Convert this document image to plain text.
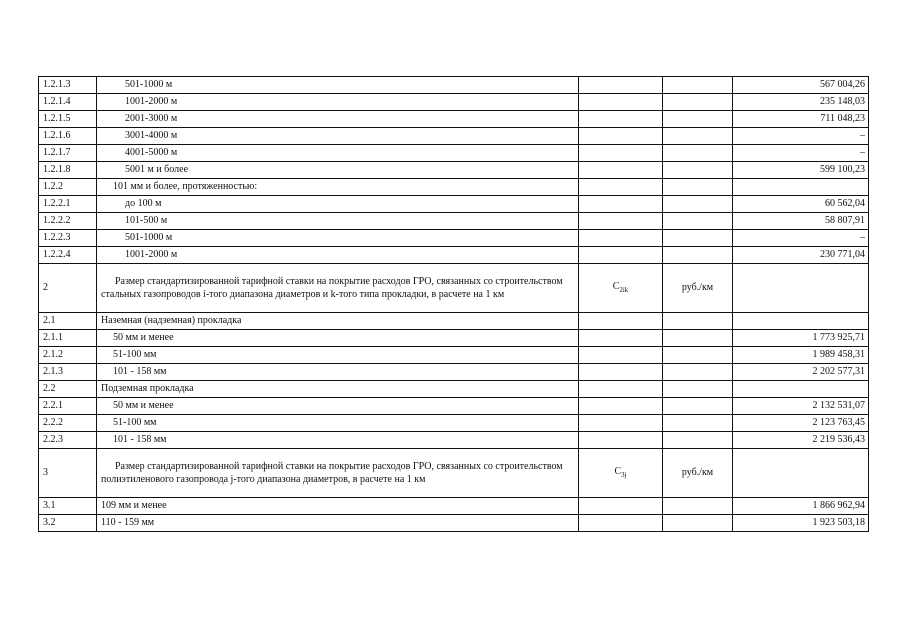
1.2.1.3	501-1000 м			567 004,26
1.2.1.4	1001-2000 м			235 148,03
1.2.1.5	2001-3000 м			711 048,23
1.2.1.6	3001-4000 м			–
1.2.1.7	4001-5000 м			–
1.2.1.8	5001 м и более			599 100,23
1.2.2	101 мм и более, протяженностью:			
1.2.2.1	до 100 м			60 562,04
1.2.2.2	101-500 м			58 807,91
1.2.2.3	501-1000 м			–
1.2.2.4	1001-2000 м			230 771,04
2	Размер стандартизированной тарифной ставки на покрытие расходов ГРО, связанных со строительством стальных газопроводов i-того диапазона диаметров и k-того типа прокладки, в расчете на 1 км	$C_{2ik}$	руб./км	
2.1	Наземная (надземная) прокладка			
2.1.1	50 мм и менее			1 773 925,71
2.1.2	51-100 мм			1 989 458,31
2.1.3	101 - 158 мм			2 202 577,31
2.2	Подземная прокладка			
2.2.1	50 мм и менее			2 132 531,07
2.2.2	51-100 мм			2 123 763,45
2.2.3	101 - 158 мм			2 219 536,43
3	Размер стандартизированной тарифной ставки на покрытие расходов ГРО, связанных со строительством полиэтиленового газопровода j-того диапазона диаметров, в расчете на 1 км	$C_{3j}$	руб./км	
3.1	109 мм и менее			1 866 962,94
3.2	110 - 159 мм			1 923 503,18
